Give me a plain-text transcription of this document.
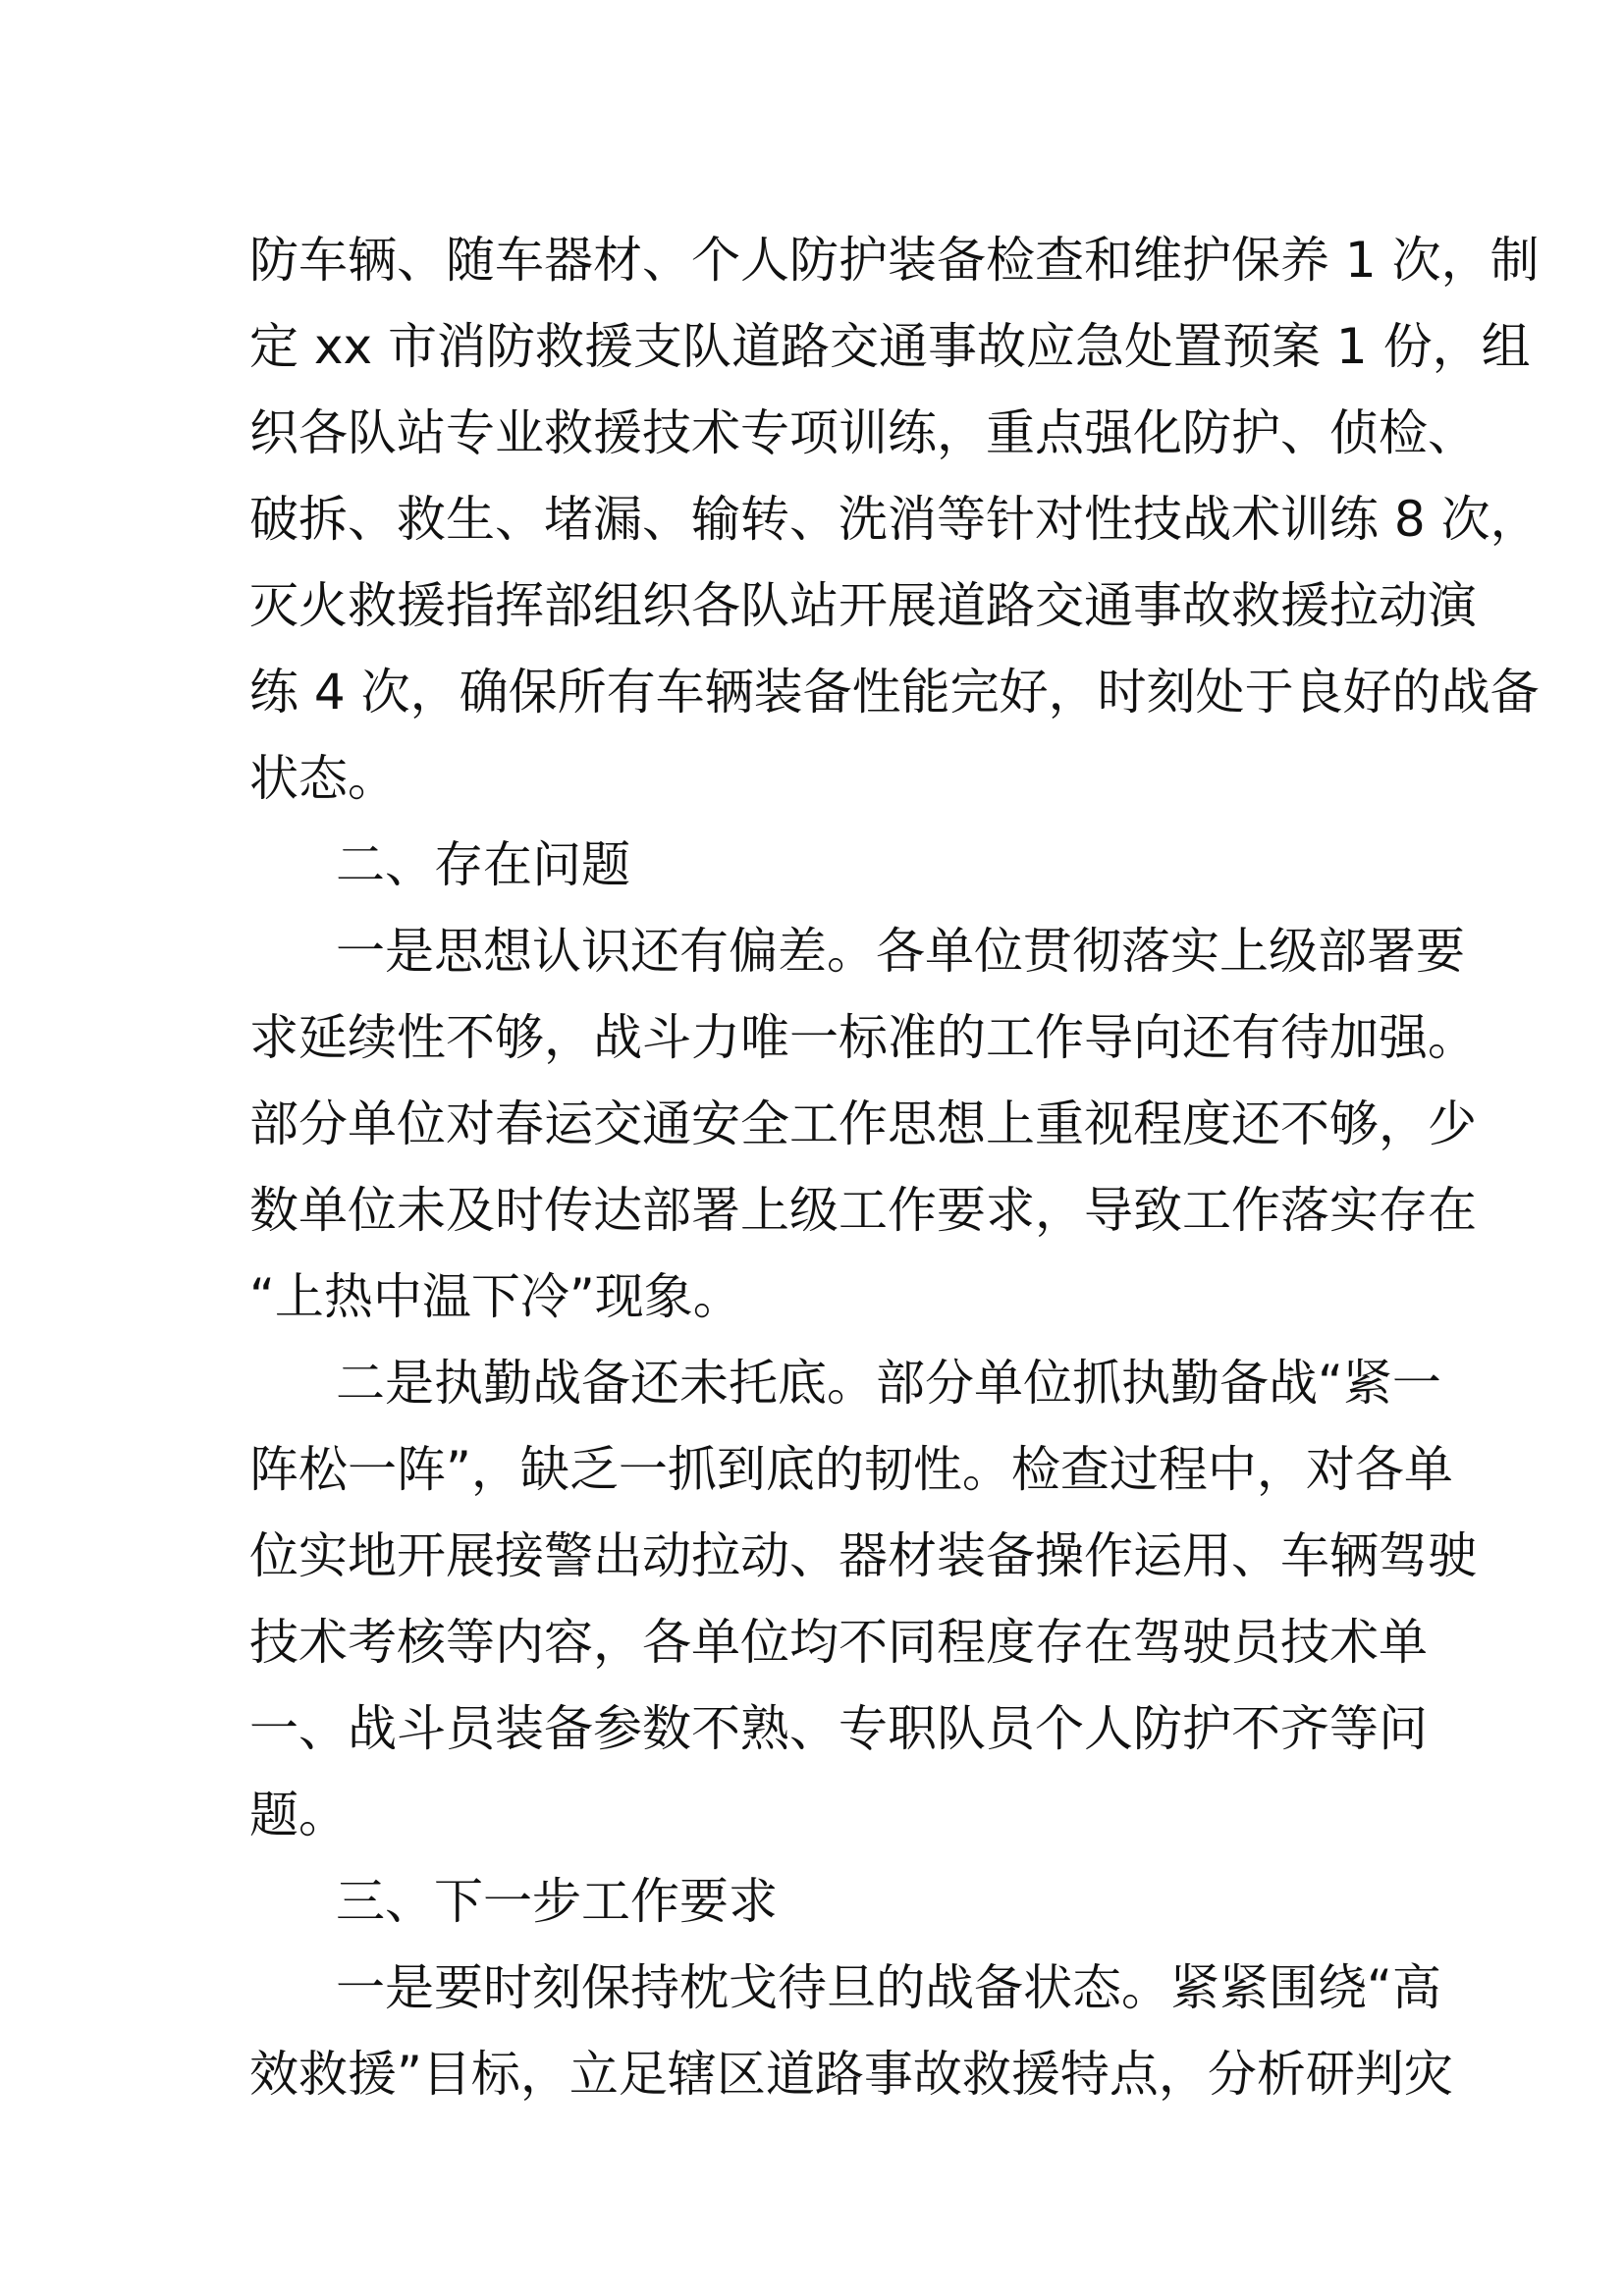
防车辆、随车器材、个人防护装备检查和维护保养 1 次，制
定 xx 市消防救援支队道路交通事故应急处置预案 1 份，组
织各队站专业救援技术专项训练，重点强化防护、侦检、
破拆、救生、堵漏、输转、洗消等针对性技战术训练 8 次，
灭火救援指挥部组织各队站开展道路交通事故救援拉动演
练 4 次，确保所有车辆装备性能完好，时刻处于良好的战备
状态。
二、存在问题
一是思想认识还有偏差。各单位贯彻落实上级部署要
求延续性不够，战斗力唯一标准的工作导向还有待加强。
部分单位对春运交通安全工作思想上重视程度还不够，少
数单位未及时传达部署上级工作要求，导致工作落实存在
“上热中温下冷”现象。
二是执勤战备还未托底。部分单位抓执勤备战“紧一
阵松一阵”，缺乏一抓到底的韧性。检查过程中，对各单
位实地开展接警出动拉动、器材装备操作运用、车辆驾驶
技术考核等内容，各单位均不同程度存在驾驶员技术单
一、战斗员装备参数不熟、专职队员个人防护不齐等问
题。
三、下一步工作要求
一是要时刻保持枕戈待旦的战备状态。紧紧围绕“高
效救援”目标，立足辖区道路事故救援特点，分析研判灾
